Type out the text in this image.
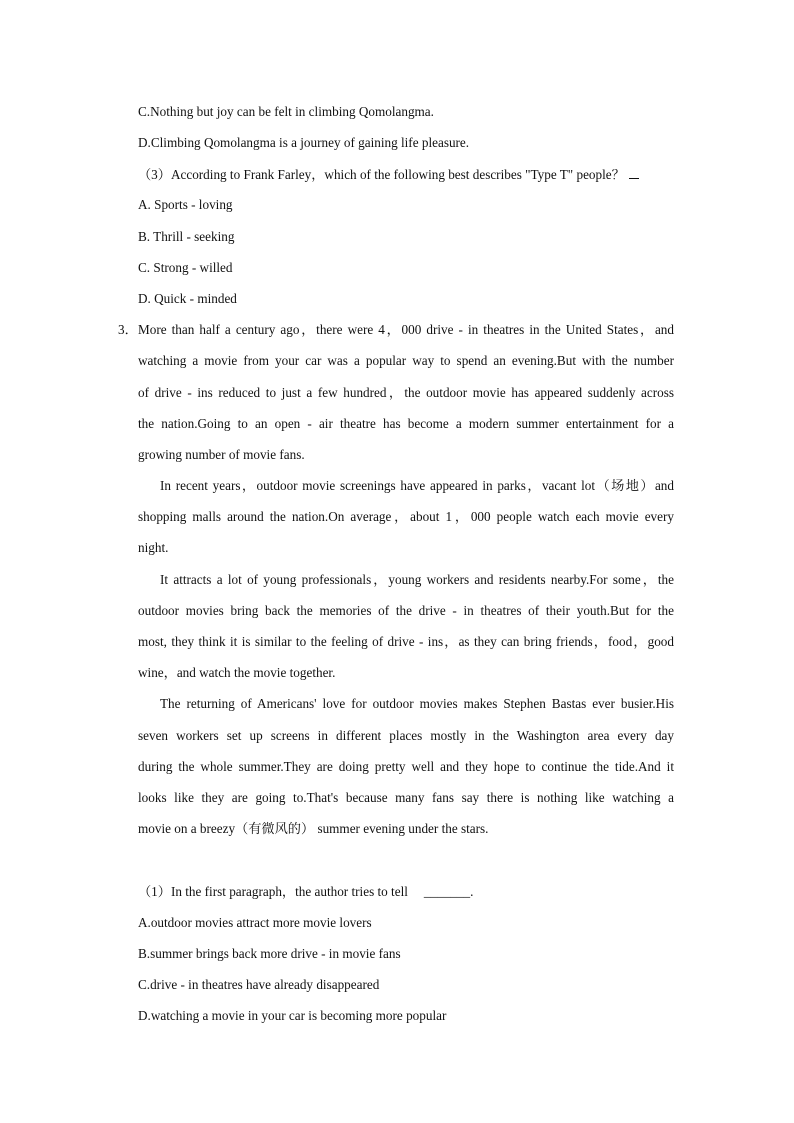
C.Nothing but joy can be felt in climbing Qomolangma.
D.Climbing Qomolangma is a journey of gaining life pleasure.
（3）According to Frank Farley，which of the following best describes "Type T" people？
A. Sports - loving
B. Thrill - seeking
C. Strong - willed
D. Quick - minded
3． More than half a century ago，there were 4，000 drive - in theatres in the United States，and
watching a movie from your car was a popular way to spend an evening.But with the number
of drive - ins reduced to just a few hundred，the outdoor movie has appeared suddenly across
the nation.Going to an open - air theatre has become a modern summer entertainment for a
growing number of movie fans.
In recent years，outdoor movie screenings have appeared in parks，vacant lot（场地）and
shopping malls around the nation.On average，about 1，000 people watch each movie every
night.
It attracts a lot of young professionals，young workers and residents nearby.For some，the
outdoor movies bring back the memories of the drive - in theatres of their youth.But for the
most, they think it is similar to the feeling of drive - ins，as they can bring friends，food，good
wine，and watch the movie together.
The returning of Americans' love for outdoor movies makes Stephen Bastas ever busier.His
seven workers set up screens in different places mostly in the Washington area every day
during the whole summer.They are doing pretty well and they hope to continue the tide.And it
looks like they are going to.That's because many fans say there is nothing like watching a
movie on a breezy（有微风的） summer evening under the stars.
（1）In the first paragraph，the author tries to tell _______.
A.outdoor movies attract more movie lovers
B.summer brings back more drive - in movie fans
C.drive - in theatres have already disappeared
D.watching a movie in your car is becoming more popular
